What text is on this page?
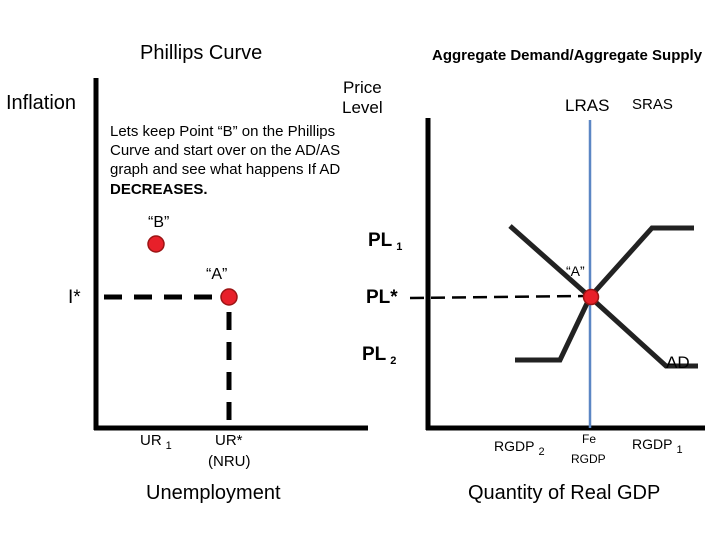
Phillips Curve
Inflation
Lets keep Point “B” on the Phillips Curve and start over on the AD/AS graph and see what happens If AD DECREASES.
“B”
“A”
I*
UR $_1$	UR*
(NRU)
Unemployment
Aggregate Demand/Aggregate Supply
Price
Level	LRAS SRAS
PL $_1$
“A”
PL*
PL $_2$	AD
RGDP $_2$
Fe
RGDP
RGDP $_1$
Quantity of Real GDP
